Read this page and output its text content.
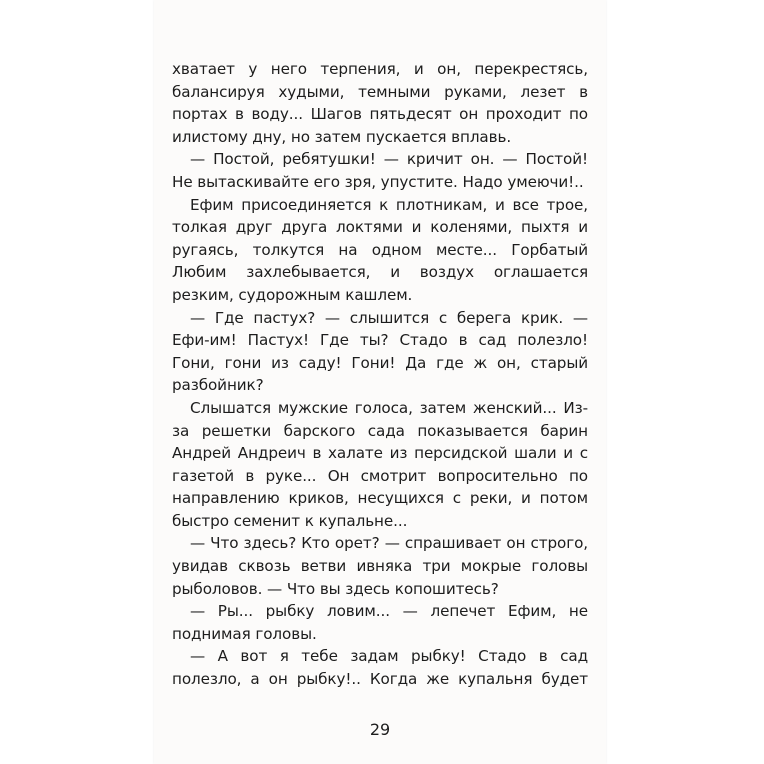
хватает у него терпения, и он, перекрестясь, балансируя худыми, темными руками, лезет в портах в воду... Шагов пятьдесят он проходит по илистому дну, но затем пускается вплавь.

— Постой, ребятушки! — кричит он. — Постой! Не вытаскивайте его зря, упустите. Надо умеючи!..

Ефим присоединяется к плотникам, и все трое, толкая друг друга локтями и коленями, пыхтя и ругаясь, толкутся на одном месте... Горбатый Любим захлебывается, и воздух оглашается резким, судорожным кашлем.

— Где пастух? — слышится с берега крик. — Ефи-им! Пастух! Где ты? Стадо в сад полезло! Гони, гони из саду! Гони! Да где ж он, старый разбойник?

Слышатся мужские голоса, затем женский... Из-за решетки барского сада показывается барин Андрей Андреич в халате из персидской шали и с газетой в руке... Он смотрит вопросительно по направлению криков, несущихся с реки, и потом быстро семенит к купальне...

— Что здесь? Кто орет? — спрашивает он строго, увидав сквозь ветви ивняка три мокрые головы рыболовов. — Что вы здесь копошитесь?

— Ры... рыбку ловим... — лепечет Ефим, не поднимая головы.

— А вот я тебе задам рыбку! Стадо в сад полезло, а он рыбку!.. Когда же купальня будет

29
